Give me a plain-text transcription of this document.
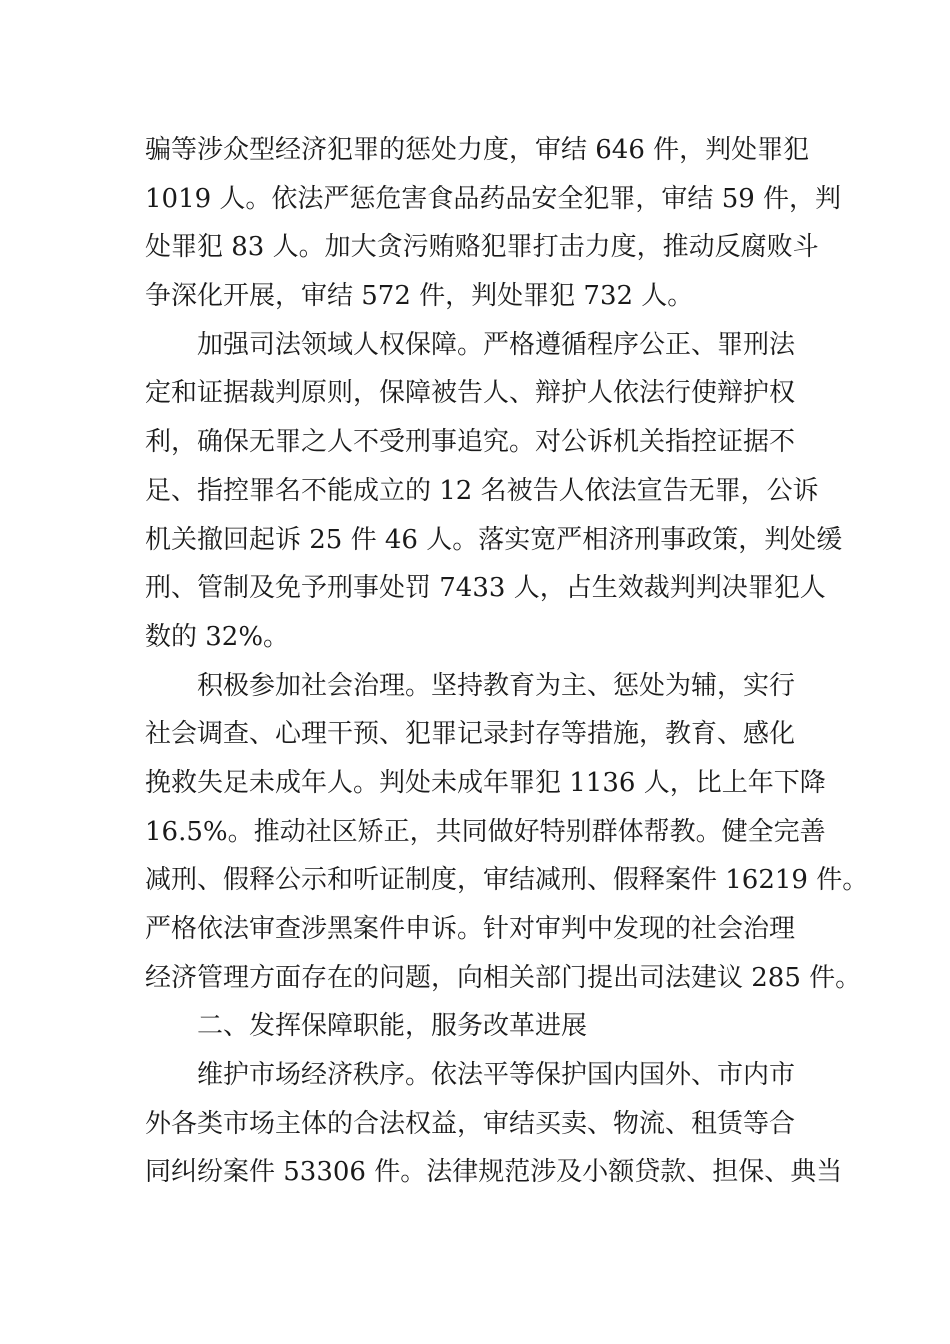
骗等涉众型经济犯罪的惩处力度，审结 646 件，判处罪犯
1019 人。依法严惩危害食品药品安全犯罪，审结 59 件，判
处罪犯 83 人。加大贪污贿赂犯罪打击力度，推动反腐败斗
争深化开展，审结 572 件，判处罪犯 732 人。
加强司法领域人权保障。严格遵循程序公正、罪刑法
定和证据裁判原则，保障被告人、辩护人依法行使辩护权
利，确保无罪之人不受刑事追究。对公诉机关指控证据不
足、指控罪名不能成立的 12 名被告人依法宣告无罪，公诉
机关撤回起诉 25 件 46 人。落实宽严相济刑事政策，判处缓
刑、管制及免予刑事处罚 7433 人，占生效裁判判决罪犯人
数的 32%。
积极参加社会治理。坚持教育为主、惩处为辅，实行
社会调查、心理干预、犯罪记录封存等措施，教育、感化
挽救失足未成年人。判处未成年罪犯 1136 人，比上年下降
16.5%。推动社区矫正，共同做好特别群体帮教。健全完善
减刑、假释公示和听证制度，审结减刑、假释案件 16219 件。
严格依法审查涉黑案件申诉。针对审判中发现的社会治理
经济管理方面存在的问题，向相关部门提出司法建议 285 件。
二、发挥保障职能，服务改革进展
维护市场经济秩序。依法平等保护国内国外、市内市
外各类市场主体的合法权益，审结买卖、物流、租赁等合
同纠纷案件 53306 件。法律规范涉及小额贷款、担保、典当
